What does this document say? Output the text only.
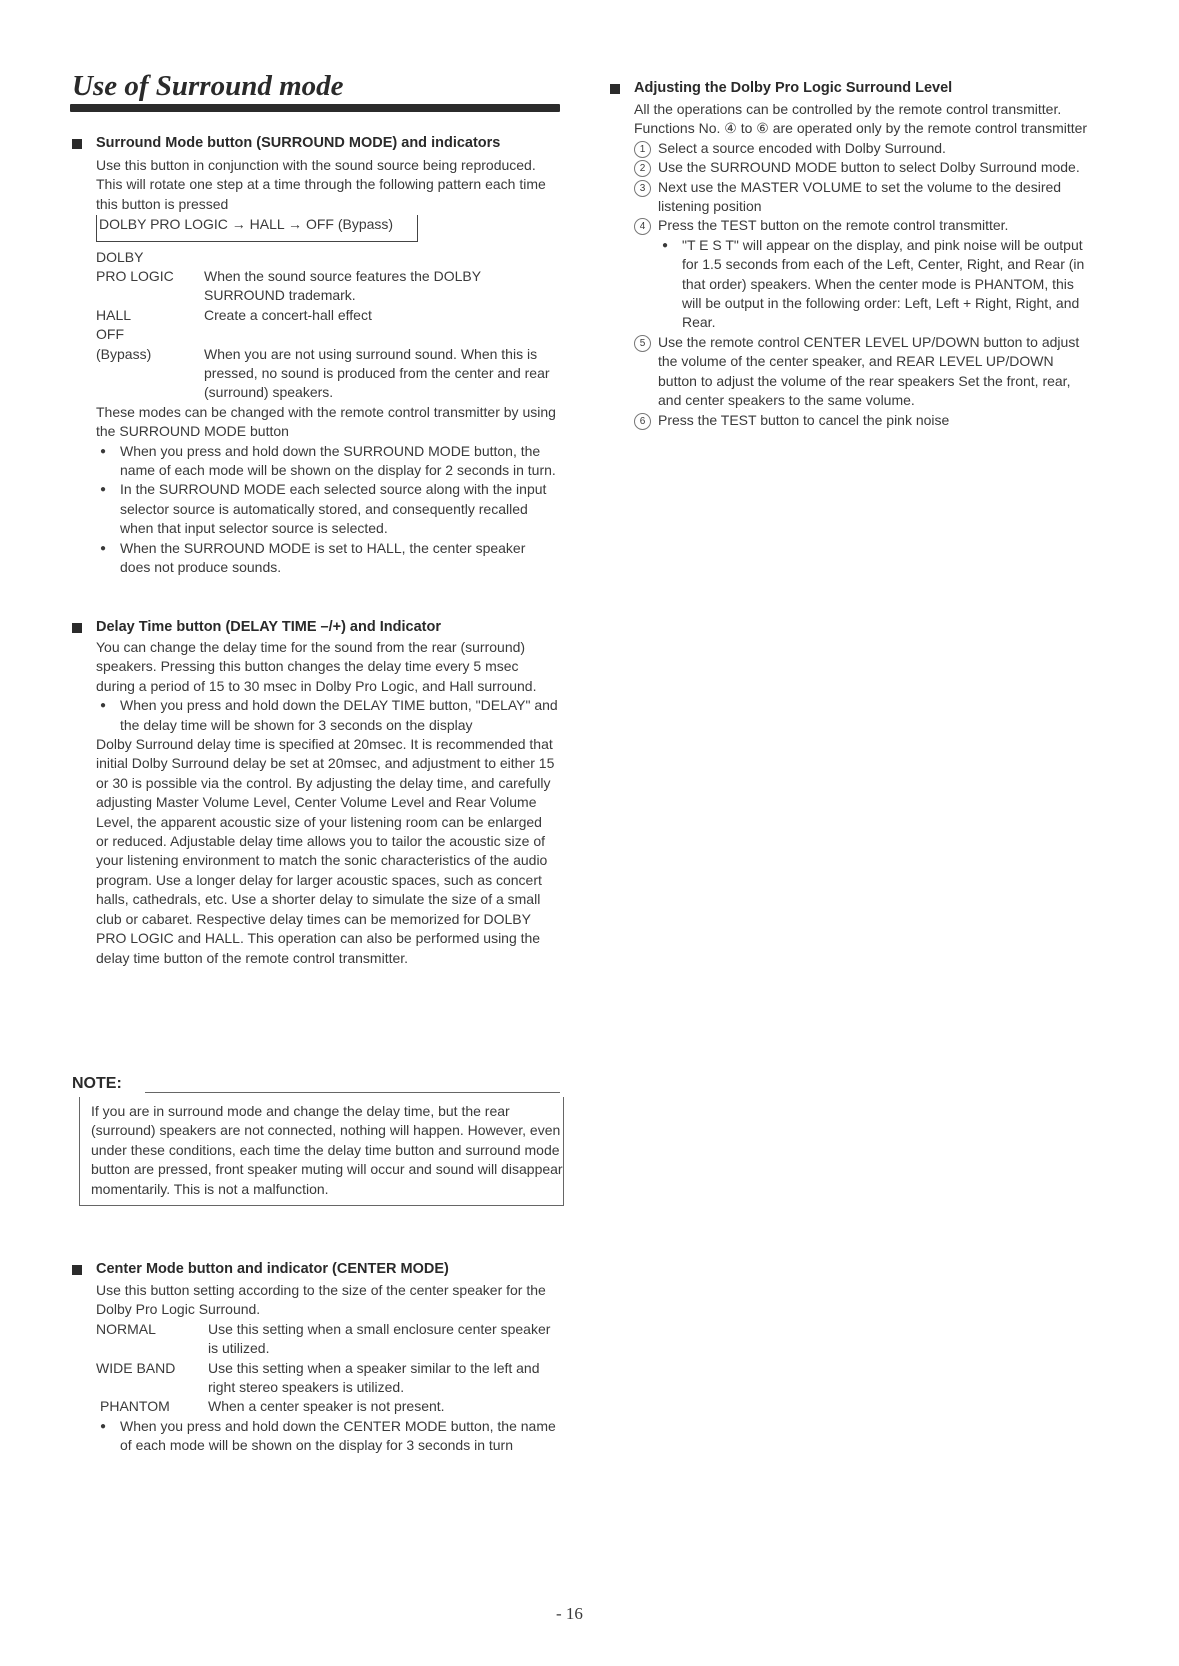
Use of Surround mode
Surround Mode button (SURROUND MODE) and indicators
Use this button in conjunction with the sound source being reproduced. This will rotate one step at a time through the following pattern each time this button is pressed
DOLBY PRO LOGIC → HALL → OFF (Bypass)
DOLBY
PRO LOGIC	When the sound source features the DOLBY SURROUND trademark.
HALL	Create a concert-hall effect
OFF
(Bypass)	When you are not using surround sound. When this is pressed, no sound is produced from the center and rear (surround) speakers.
These modes can be changed with the remote control transmitter by using the SURROUND MODE button
● When you press and hold down the SURROUND MODE button, the name of each mode will be shown on the display for 2 seconds in turn.
● In the SURROUND MODE each selected source along with the input selector source is automatically stored, and consequently recalled when that input selector source is selected.
● When the SURROUND MODE is set to HALL, the center speaker does not produce sounds.
Delay Time button (DELAY TIME –/+) and Indicator
You can change the delay time for the sound from the rear (surround) speakers. Pressing this button changes the delay time every 5 msec during a period of 15 to 30 msec in Dolby Pro Logic, and Hall surround.
● When you press and hold down the DELAY TIME button, "DELAY" and the delay time will be shown for 3 seconds on the display
Dolby Surround delay time is specified at 20msec. It is recommended that initial Dolby Surround delay be set at 20msec, and adjustment to either 15 or 30 is possible via the control. By adjusting the delay time, and carefully adjusting Master Volume Level, Center Volume Level and Rear Volume Level, the apparent acoustic size of your listening room can be enlarged or reduced. Adjustable delay time allows you to tailor the acoustic size of your listening environment to match the sonic characteristics of the audio program. Use a longer delay for larger acoustic spaces, such as concert halls, cathedrals, etc. Use a shorter delay to simulate the size of a small club or cabaret. Respective delay times can be memorized for DOLBY PRO LOGIC and HALL. This operation can also be performed using the delay time button of the remote control transmitter.
NOTE:
If you are in surround mode and change the delay time, but the rear (surround) speakers are not connected, nothing will happen. However, even under these conditions, each time the delay time button and surround mode button are pressed, front speaker muting will occur and sound will disappear momentarily. This is not a malfunction.
Center Mode button and indicator (CENTER MODE)
Use this button setting according to the size of the center speaker for the Dolby Pro Logic Surround.
NORMAL	Use this setting when a small enclosure center speaker is utilized.
WIDE BAND	Use this setting when a speaker similar to the left and right stereo speakers is utilized.
PHANTOM	When a center speaker is not present.
● When you press and hold down the CENTER MODE button, the name of each mode will be shown on the display for 3 seconds in turn
Adjusting the Dolby Pro Logic Surround Level
All the operations can be controlled by the remote control transmitter. Functions No. ④ to ⑥ are operated only by the remote control transmitter
1 Select a source encoded with Dolby Surround.
2 Use the SURROUND MODE button to select Dolby Surround mode.
3 Next use the MASTER VOLUME to set the volume to the desired listening position
4 Press the TEST button on the remote control transmitter.
● "T E S T" will appear on the display, and pink noise will be output for 1.5 seconds from each of the Left, Center, Right, and Rear (in that order) speakers. When the center mode is PHANTOM, this will be output in the following order: Left, Left + Right, Right, and Rear.
5 Use the remote control CENTER LEVEL UP/DOWN button to adjust the volume of the center speaker, and REAR LEVEL UP/DOWN button to adjust the volume of the rear speakers Set the front, rear, and center speakers to the same volume.
6 Press the TEST button to cancel the pink noise
- 16
